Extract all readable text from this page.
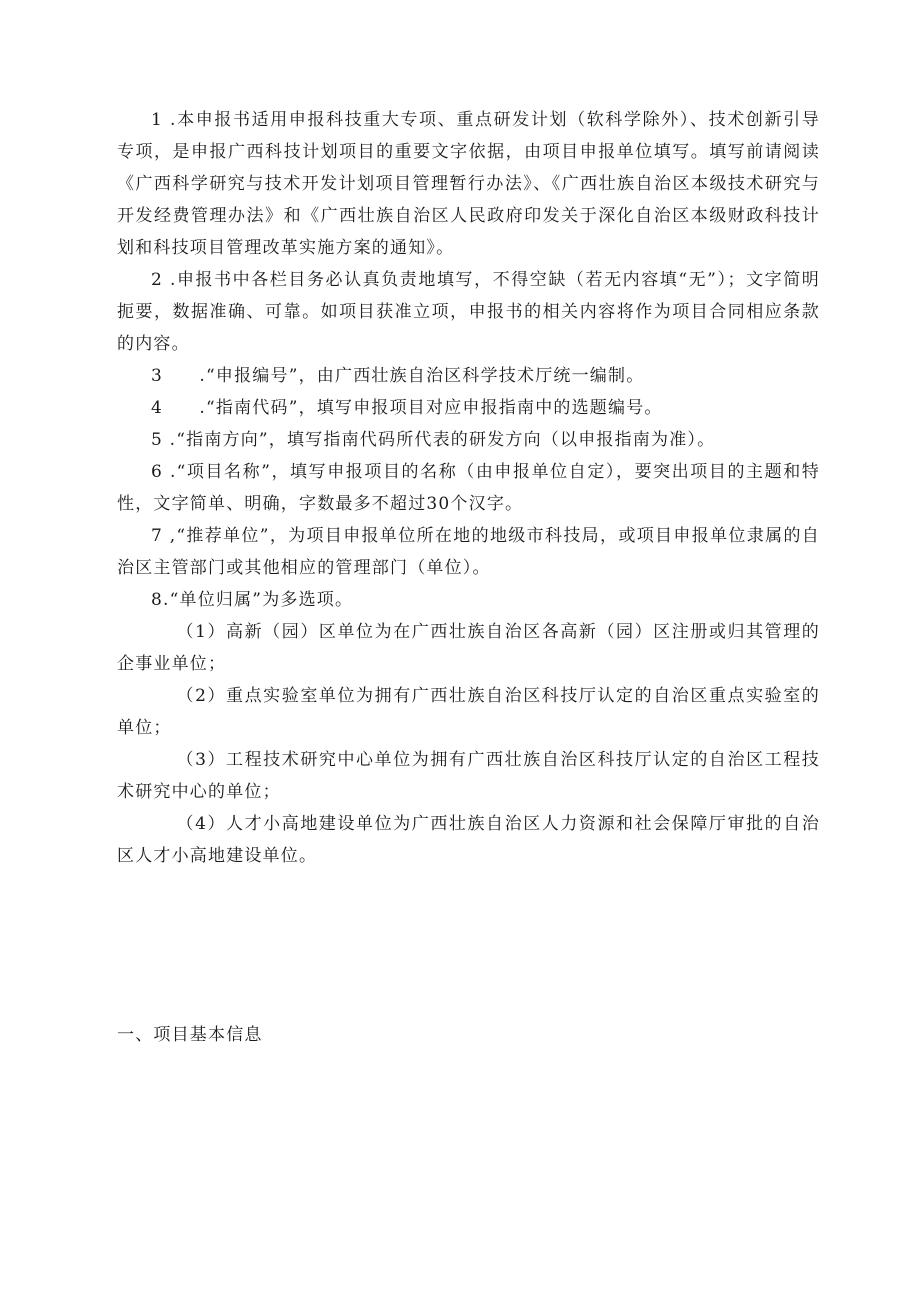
1 .本申报书适用申报科技重大专项、重点研发计划（软科学除外）、技术创新引导专项，是申报广西科技计划项目的重要文字依据，由项目申报单位填写。填写前请阅读《广西科学研究与技术开发计划项目管理暂行办法》、《广西壮族自治区本级技术研究与开发经费管理办法》和《广西壮族自治区人民政府印发关于深化自治区本级财政科技计划和科技项目管理改革实施方案的通知》。

2 .申报书中各栏目务必认真负责地填写，不得空缺（若无内容填“无”）；文字简明扼要，数据准确、可靠。如项目获准立项，申报书的相关内容将作为项目合同相应条款的内容。

3　　.“申报编号”，由广西壮族自治区科学技术厅统一编制。

4　　.“指南代码”，填写申报项目对应申报指南中的选题编号。

5 .“指南方向”，填写指南代码所代表的研发方向（以申报指南为准）。

6 .“项目名称”，填写申报项目的名称（由申报单位自定），要突出项目的主题和特性，文字简单、明确，字数最多不超过30个汉字。

7 ,“推荐单位”，为项目申报单位所在地的地级市科技局，或项目申报单位隶属的自治区主管部门或其他相应的管理部门（单位）。

8.“单位归属”为多选项。

（1）高新（园）区单位为在广西壮族自治区各高新（园）区注册或归其管理的企事业单位；

（2）重点实验室单位为拥有广西壮族自治区科技厅认定的自治区重点实验室的单位；

（3）工程技术研究中心单位为拥有广西壮族自治区科技厅认定的自治区工程技术研究中心的单位；

（4）人才小高地建设单位为广西壮族自治区人力资源和社会保障厅审批的自治区人才小高地建设单位。

一、项目基本信息
